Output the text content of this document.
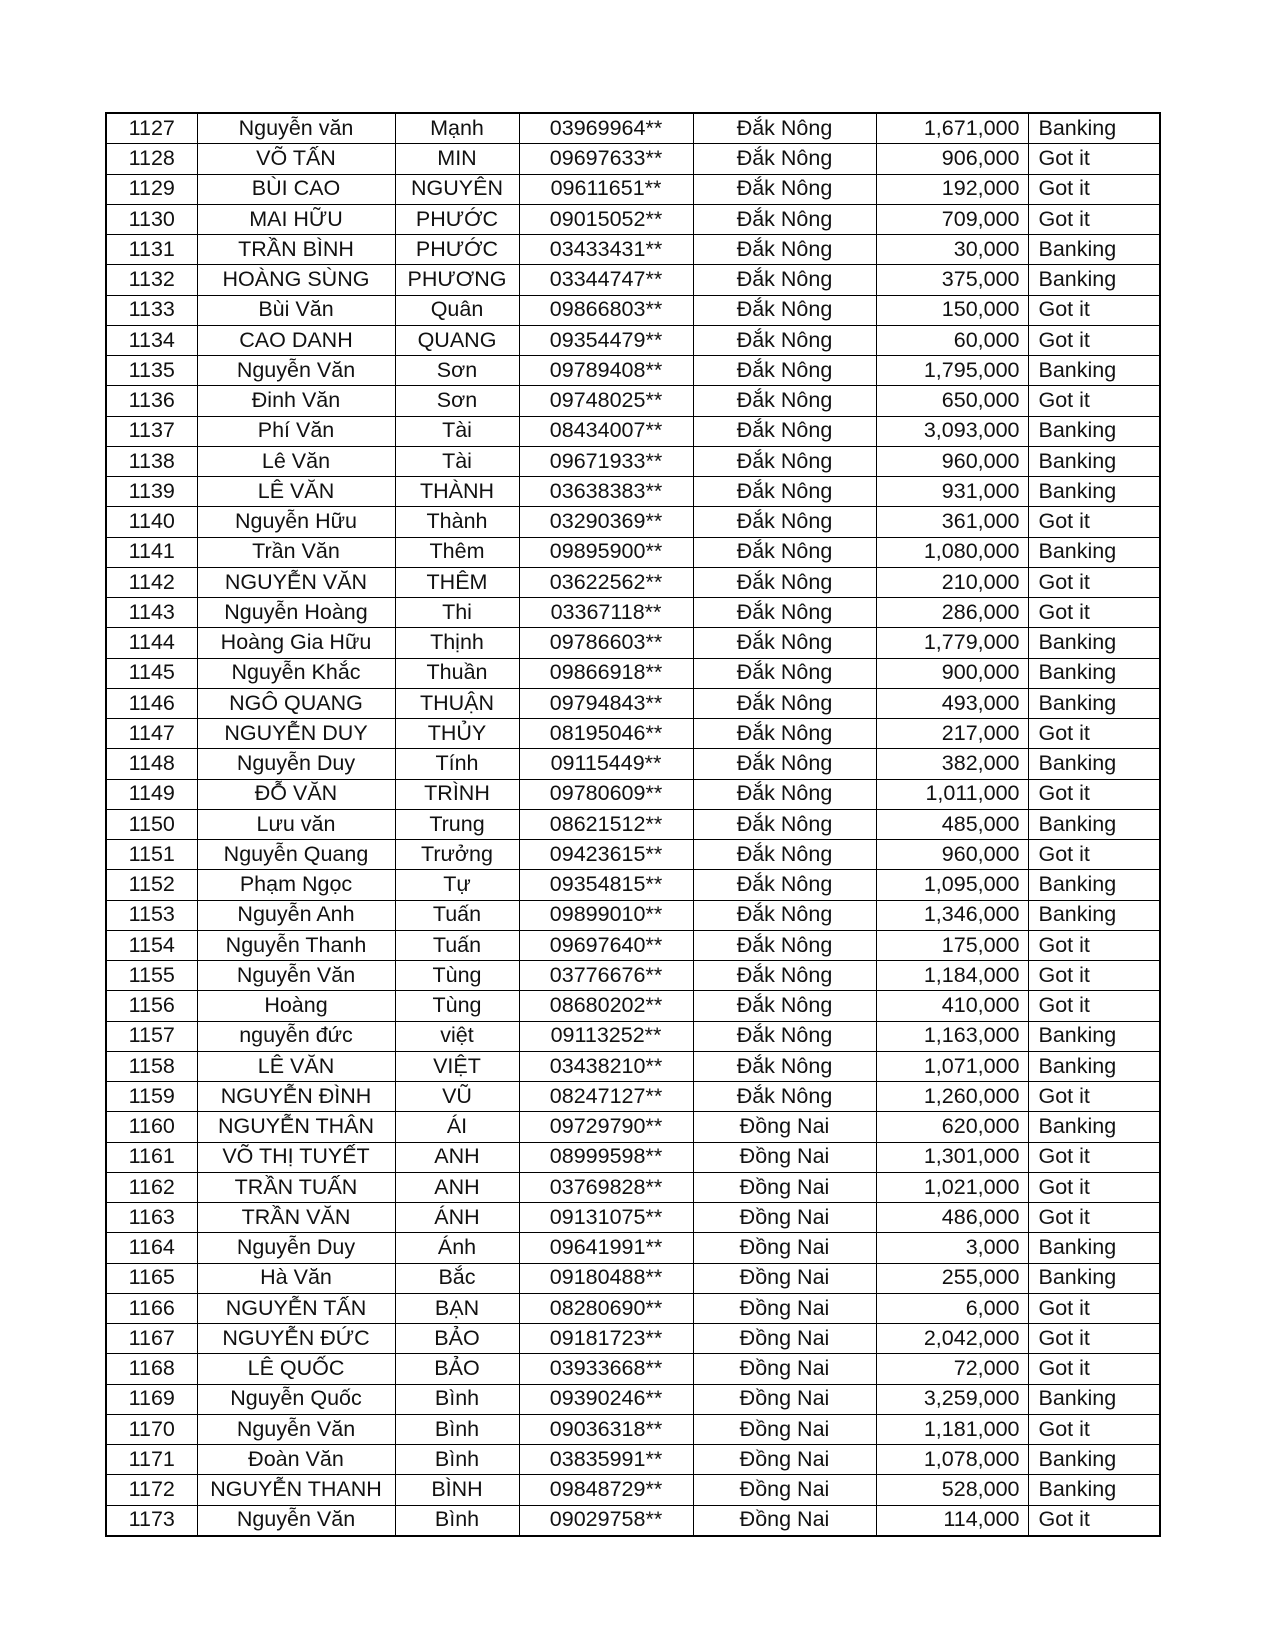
1127	Nguyễn văn	Mạnh	03969964**	Đắk Nông	1,671,000	Banking
1128	VÕ TẤN	MIN	09697633**	Đắk Nông	906,000	Got it
1129	BÙI CAO	NGUYÊN	09611651**	Đắk Nông	192,000	Got it
1130	MAI HỮU	PHƯỚC	09015052**	Đắk Nông	709,000	Got it
1131	TRẦN BÌNH	PHƯỚC	03433431**	Đắk Nông	30,000	Banking
1132	HOÀNG SÙNG	PHƯƠNG	03344747**	Đắk Nông	375,000	Banking
1133	Bùi Văn	Quân	09866803**	Đắk Nông	150,000	Got it
1134	CAO DANH	QUANG	09354479**	Đắk Nông	60,000	Got it
1135	Nguyễn Văn	Sơn	09789408**	Đắk Nông	1,795,000	Banking
1136	Đinh Văn	Sơn	09748025**	Đắk Nông	650,000	Got it
1137	Phí Văn	Tài	08434007**	Đắk Nông	3,093,000	Banking
1138	Lê Văn	Tài	09671933**	Đắk Nông	960,000	Banking
1139	LÊ VĂN	THÀNH	03638383**	Đắk Nông	931,000	Banking
1140	Nguyễn Hữu	Thành	03290369**	Đắk Nông	361,000	Got it
1141	Trần Văn	Thêm	09895900**	Đắk Nông	1,080,000	Banking
1142	NGUYỄN VĂN	THÊM	03622562**	Đắk Nông	210,000	Got it
1143	Nguyễn Hoàng	Thi	03367118**	Đắk Nông	286,000	Got it
1144	Hoàng Gia Hữu	Thịnh	09786603**	Đắk Nông	1,779,000	Banking
1145	Nguyễn Khắc	Thuần	09866918**	Đắk Nông	900,000	Banking
1146	NGÔ QUANG	THUẬN	09794843**	Đắk Nông	493,000	Banking
1147	NGUYỄN DUY	THỦY	08195046**	Đắk Nông	217,000	Got it
1148	Nguyễn Duy	Tính	09115449**	Đắk Nông	382,000	Banking
1149	ĐỖ VĂN	TRÌNH	09780609**	Đắk Nông	1,011,000	Got it
1150	Lưu văn	Trung	08621512**	Đắk Nông	485,000	Banking
1151	Nguyễn Quang	Trưởng	09423615**	Đắk Nông	960,000	Got it
1152	Phạm Ngọc	Tự	09354815**	Đắk Nông	1,095,000	Banking
1153	Nguyễn Anh	Tuấn	09899010**	Đắk Nông	1,346,000	Banking
1154	Nguyễn Thanh	Tuấn	09697640**	Đắk Nông	175,000	Got it
1155	Nguyễn Văn	Tùng	03776676**	Đắk Nông	1,184,000	Got it
1156	Hoàng	Tùng	08680202**	Đắk Nông	410,000	Got it
1157	nguyễn đức	việt	09113252**	Đắk Nông	1,163,000	Banking
1158	LÊ VĂN	VIỆT	03438210**	Đắk Nông	1,071,000	Banking
1159	NGUYỄN ĐÌNH	VŨ	08247127**	Đắk Nông	1,260,000	Got it
1160	NGUYỄN THÂN	ÁI	09729790**	Đồng Nai	620,000	Banking
1161	VÕ THỊ TUYẾT	ANH	08999598**	Đồng Nai	1,301,000	Got it
1162	TRẦN TUẤN	ANH	03769828**	Đồng Nai	1,021,000	Got it
1163	TRẦN VĂN	ÁNH	09131075**	Đồng Nai	486,000	Got it
1164	Nguyễn Duy	Ánh	09641991**	Đồng Nai	3,000	Banking
1165	Hà Văn	Bắc	09180488**	Đồng Nai	255,000	Banking
1166	NGUYỄN TẤN	BẠN	08280690**	Đồng Nai	6,000	Got it
1167	NGUYỄN ĐỨC	BẢO	09181723**	Đồng Nai	2,042,000	Got it
1168	LÊ QUỐC	BẢO	03933668**	Đồng Nai	72,000	Got it
1169	Nguyễn Quốc	Bình	09390246**	Đồng Nai	3,259,000	Banking
1170	Nguyễn Văn	Bình	09036318**	Đồng Nai	1,181,000	Got it
1171	Đoàn Văn	Bình	03835991**	Đồng Nai	1,078,000	Banking
1172	NGUYỄN THANH	BÌNH	09848729**	Đồng Nai	528,000	Banking
1173	Nguyễn Văn	Bình	09029758**	Đồng Nai	114,000	Got it
